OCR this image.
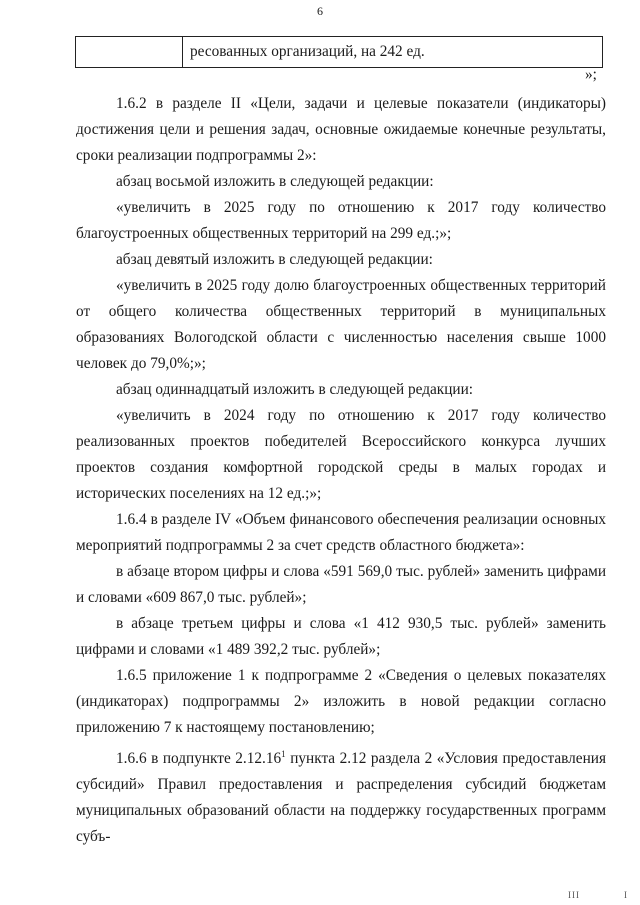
6
ресованных организаций, на 242 ед.
»;

1.6.2 в разделе II «Цели, задачи и целевые показатели (индикаторы) достижения цели и решения задач, основные ожидаемые конечные результаты, сроки реализации подпрограммы 2»:

абзац восьмой изложить в следующей редакции:

«увеличить в 2025 году по отношению к 2017 году количество благоустроенных общественных территорий на 299 ед.;»;

абзац девятый изложить в следующей редакции:

«увеличить в 2025 году долю благоустроенных общественных территорий от общего количества общественных территорий в муниципальных образованиях Вологодской области с численностью населения свыше 1000 человек до 79,0%;»;

абзац одиннадцатый изложить в следующей редакции:

«увеличить в 2024 году по отношению к 2017 году количество реализованных проектов победителей Всероссийского конкурса лучших проектов создания комфортной городской среды в малых городах и исторических поселениях на 12 ед.;»;

1.6.4 в разделе IV «Объем финансового обеспечения реализации основных мероприятий подпрограммы 2 за счет средств областного бюджета»:

в абзаце втором цифры и слова «591 569,0 тыс. рублей» заменить цифрами и словами «609 867,0 тыс. рублей»;

в абзаце третьем цифры и слова «1 412 930,5 тыс. рублей» заменить цифрами и словами «1 489 392,2 тыс. рублей»;

1.6.5 приложение 1 к подпрограмме 2 «Сведения о целевых показателях (индикаторах) подпрограммы 2» изложить в новой редакции согласно приложению 7 к настоящему постановлению;

1.6.6 в подпункте 2.12.16$^1$ пункта 2.12 раздела 2 «Условия предоставления субсидий» Правил предоставления и распределения субсидий бюджетам муниципальных образований области на поддержку государственных программ субъ-

III	I
